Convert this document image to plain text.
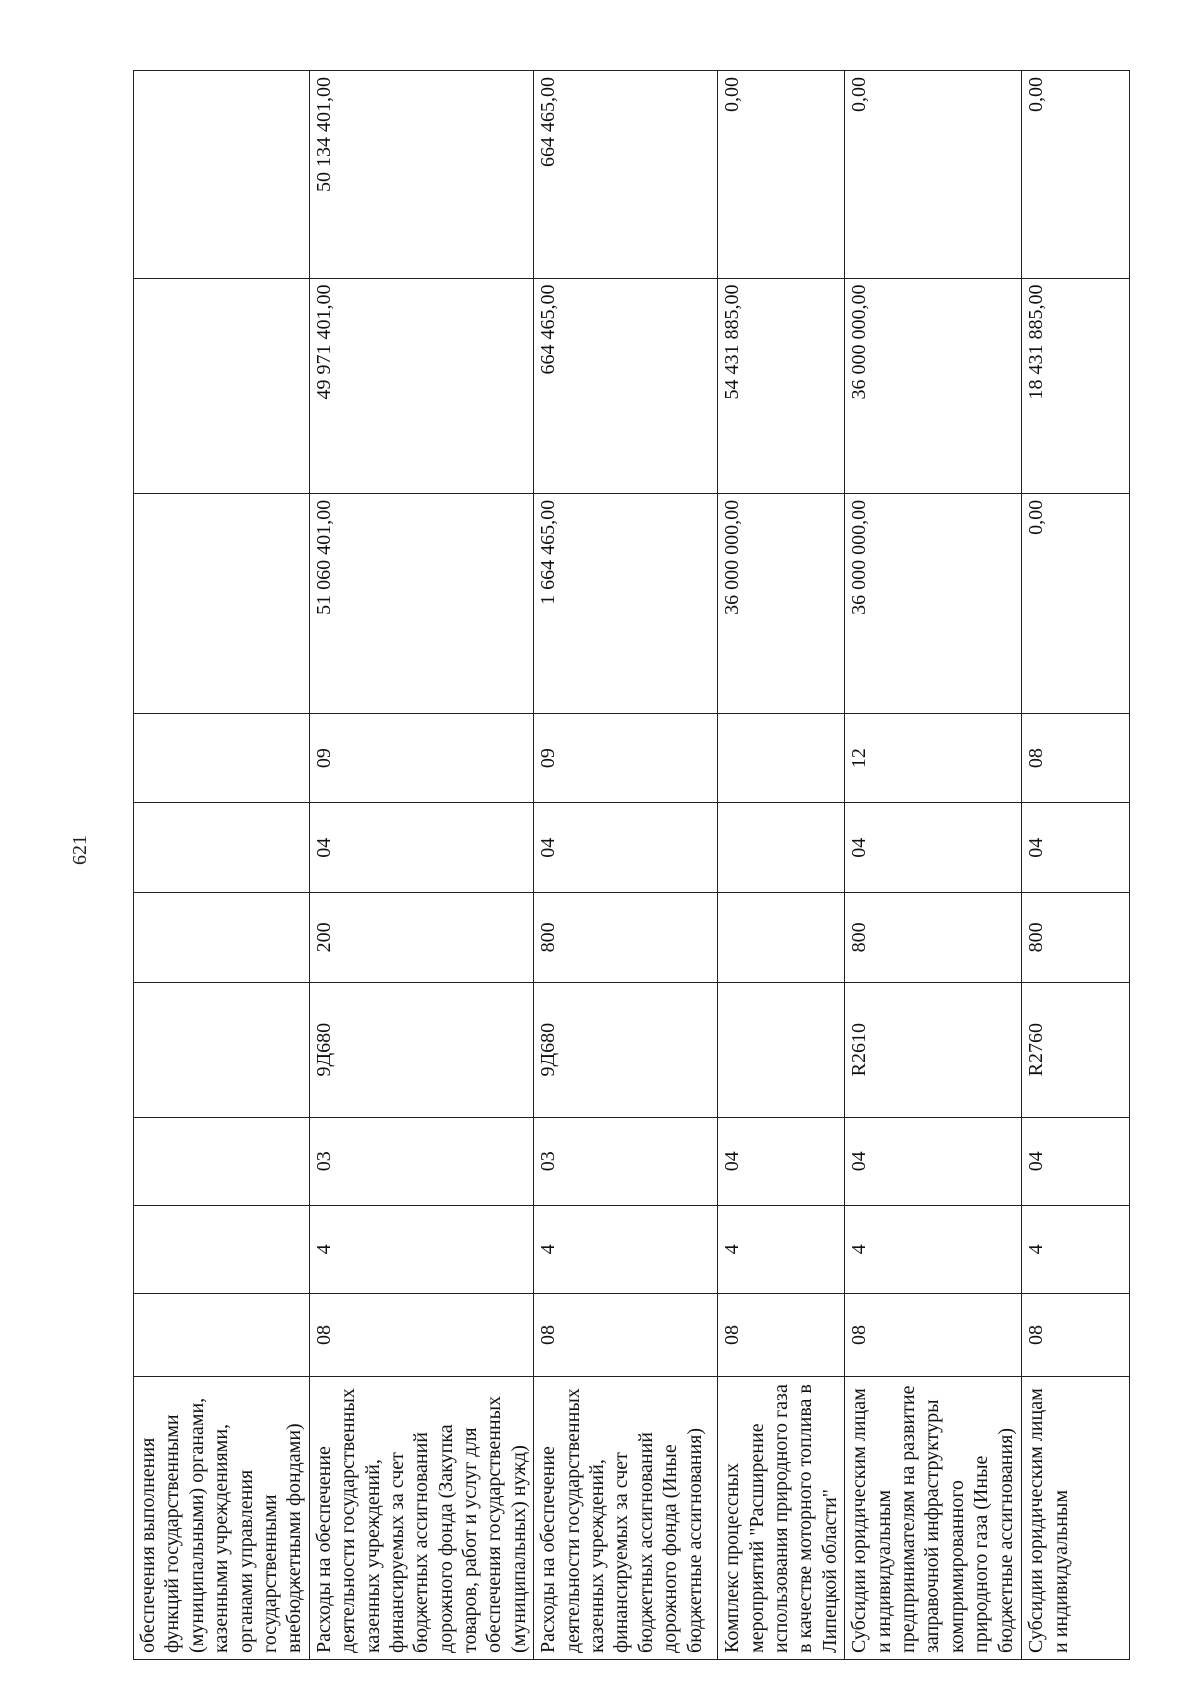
621
обеспечения выполнения функций государственными (муниципальными) органами, казенными учреждениями, органами управления государственными внебюджетными фондами)										
Расходы на обеспечение деятельности государственных казенных учреждений, финансируемых за счет бюджетных ассигнований дорожного фонда (Закупка товаров, работ и услуг для обеспечения государственных (муниципальных) нужд)	08	4	03	9Д680	200	04	09	51 060 401,00	49 971 401,00	50 134 401,00
Расходы на обеспечение деятельности государственных казенных учреждений, финансируемых за счет бюджетных ассигнований дорожного фонда (Иные бюджетные ассигнования)	08	4	03	9Д680	800	04	09	1 664 465,00	664 465,00	664 465,00
Комплекс процессных мероприятий "Расширение использования природного газа в качестве моторного топлива в Липецкой области"	08	4	04					36 000 000,00	54 431 885,00	0,00
Субсидии юридическим лицам и индивидуальным предпринимателям на развитие заправочной инфраструктуры компримированного природного газа (Иные бюджетные ассигнования)	08	4	04	R2610	800	04	12	36 000 000,00	36 000 000,00	0,00
Субсидии юридическим лицам и индивидуальным	08	4	04	R2760	800	04	08	0,00	18 431 885,00	0,00
